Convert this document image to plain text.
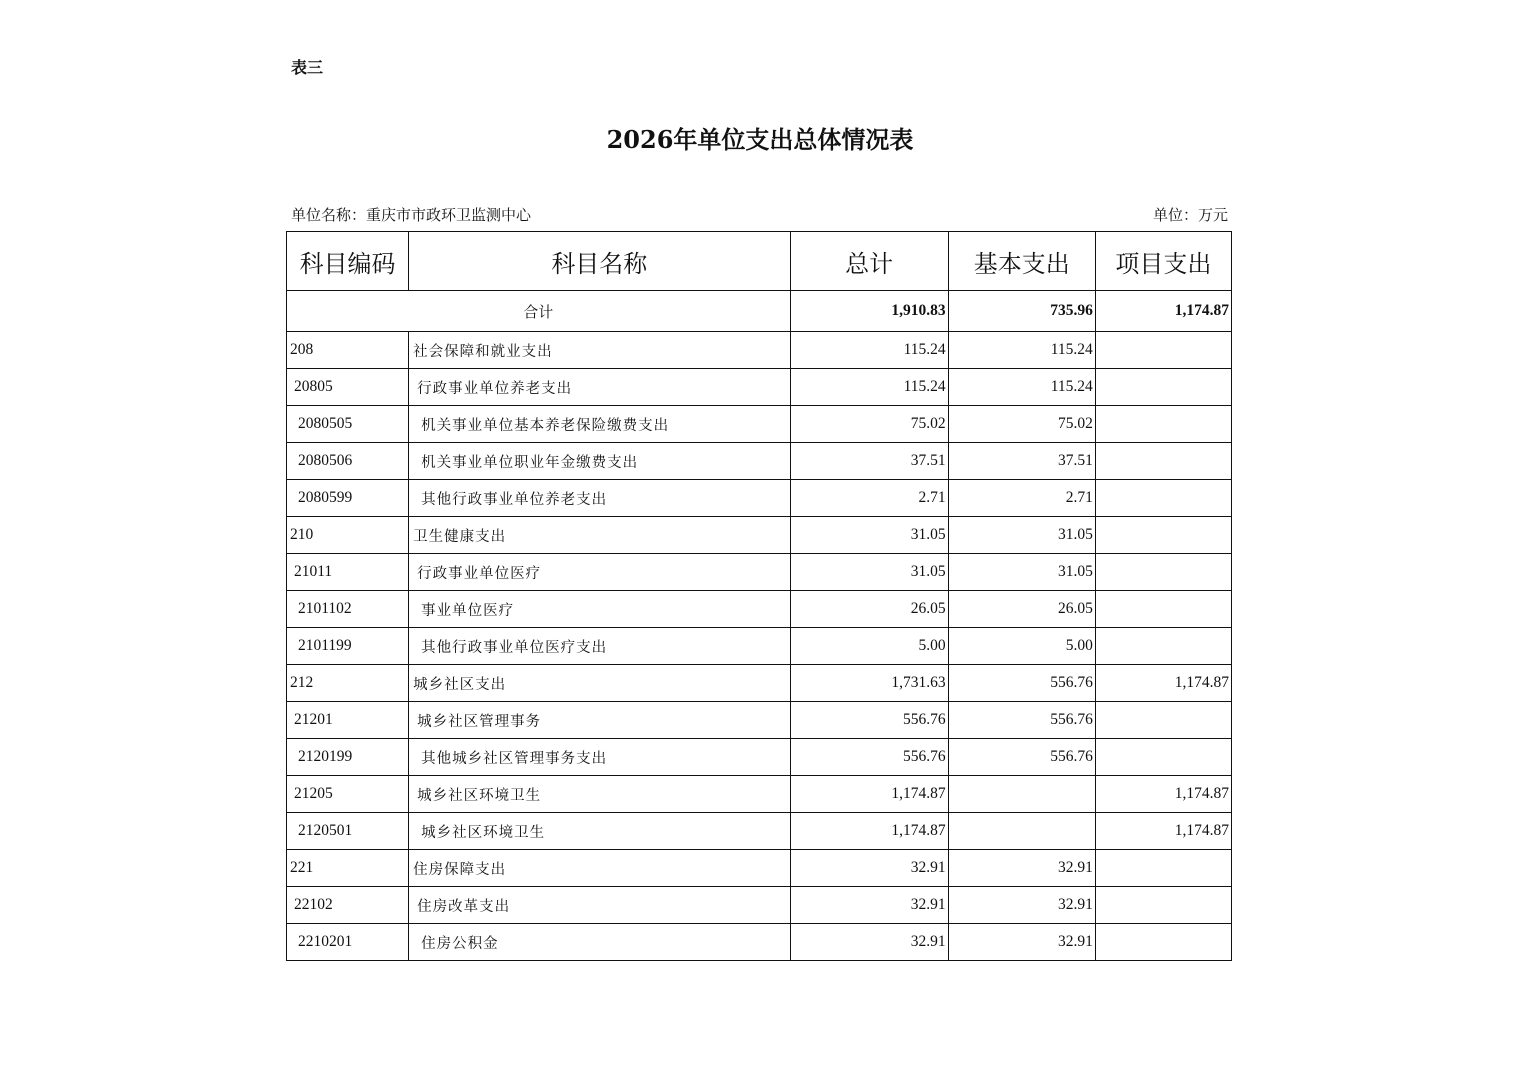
表三
2026年单位支出总体情况表
单位名称：重庆市市政环卫监测中心	单位：万元
科目编码	科目名称	总计	基本支出	项目支出
合计		1,910.83	735.96	1,174.87
208	社会保障和就业支出	115.24	115.24	
20805	行政事业单位养老支出	115.24	115.24	
2080505	机关事业单位基本养老保险缴费支出	75.02	75.02	
2080506	机关事业单位职业年金缴费支出	37.51	37.51	
2080599	其他行政事业单位养老支出	2.71	2.71	
210	卫生健康支出	31.05	31.05	
21011	行政事业单位医疗	31.05	31.05	
2101102	事业单位医疗	26.05	26.05	
2101199	其他行政事业单位医疗支出	5.00	5.00	
212	城乡社区支出	1,731.63	556.76	1,174.87
21201	城乡社区管理事务	556.76	556.76	
2120199	其他城乡社区管理事务支出	556.76	556.76	
21205	城乡社区环境卫生	1,174.87		1,174.87
2120501	城乡社区环境卫生	1,174.87		1,174.87
221	住房保障支出	32.91	32.91	
22102	住房改革支出	32.91	32.91	
2210201	住房公积金	32.91	32.91	
